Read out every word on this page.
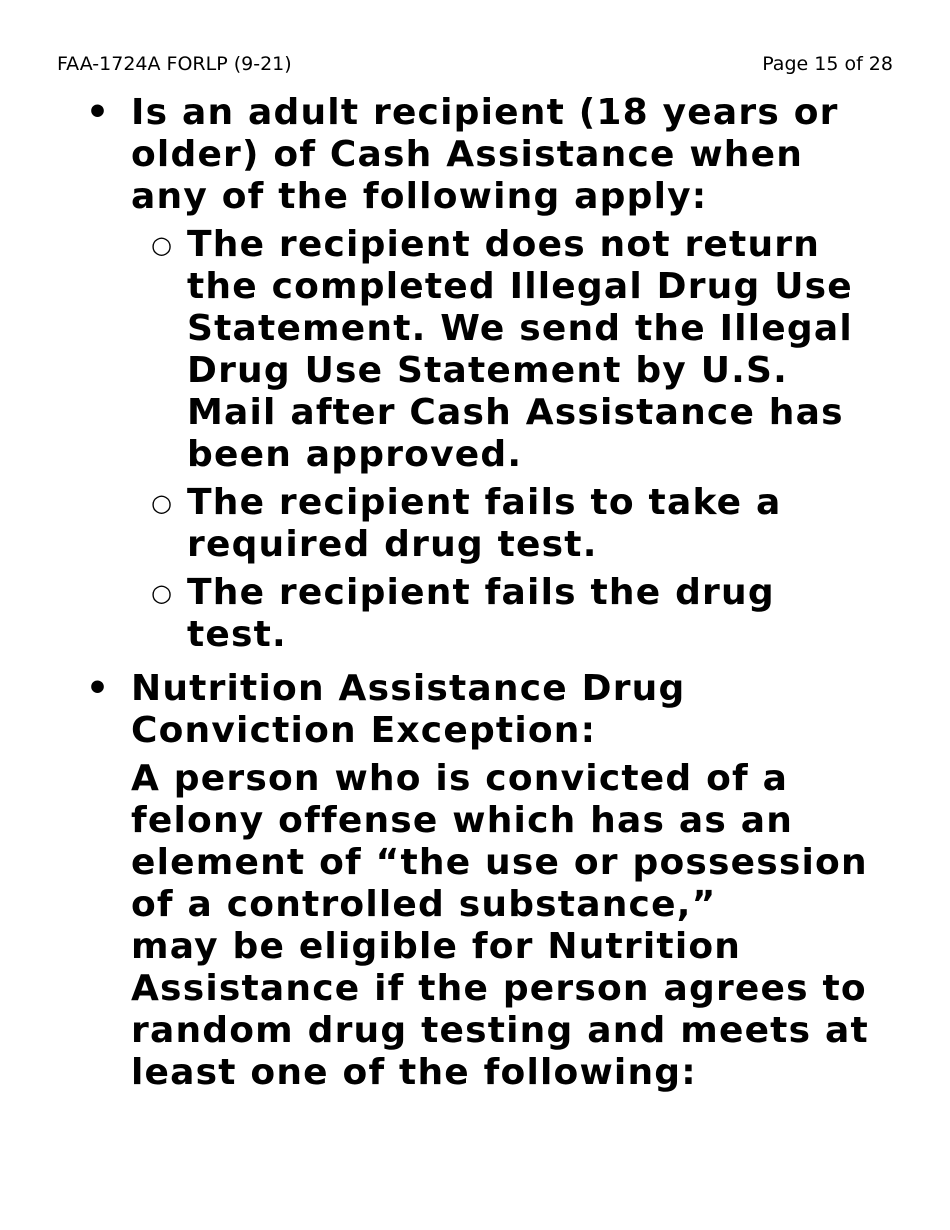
FAA-1724A FORLP (9-21)	Page 15 of 28
• Is an adult recipient (18 years or
older) of Cash Assistance when
any of the following apply:
○ The recipient does not return
the completed Illegal Drug Use
Statement. We send the Illegal
Drug Use Statement by U.S.
Mail after Cash Assistance has
been approved.
○ The recipient fails to take a
required drug test.
○ The recipient fails the drug
test.
• Nutrition Assistance Drug
Conviction Exception:
A person who is convicted of a
felony offense which has as an
element of “the use or possession
of a controlled substance,”
may be eligible for Nutrition
Assistance if the person agrees to
random drug testing and meets at
least one of the following:
